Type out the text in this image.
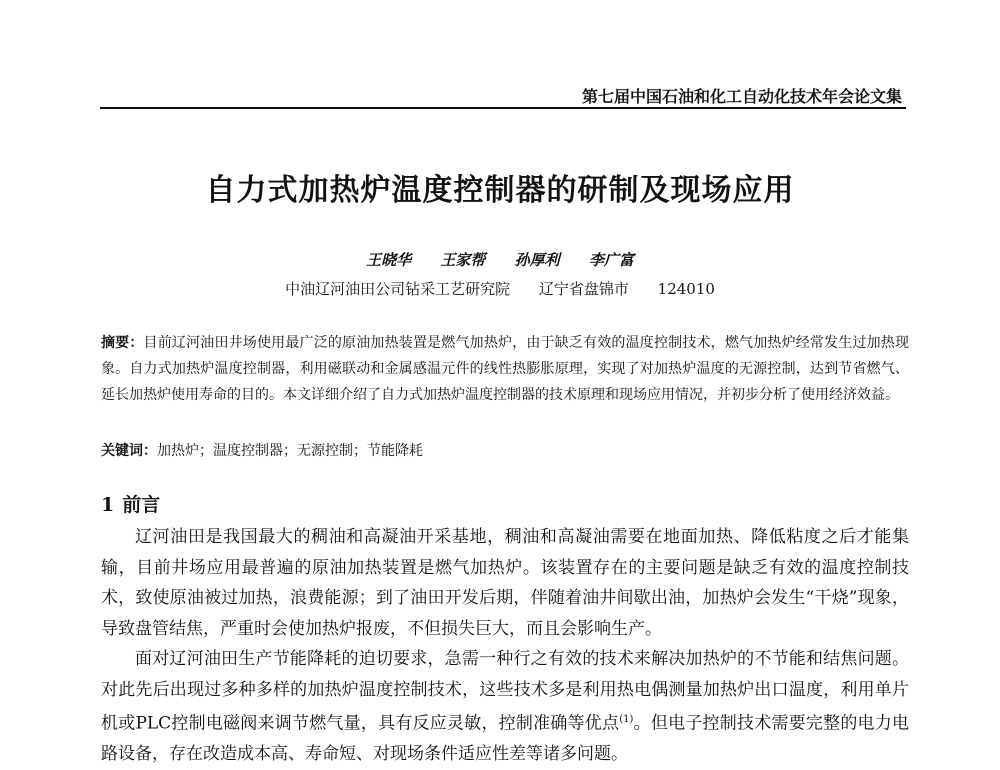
第七届中国石油和化工自动化技术年会论文集
自力式加热炉温度控制器的研制及现场应用
王晓华 王家帮 孙厚利 李广富
中油辽河油田公司钻采工艺研究院 辽宁省盘锦市 124010
摘要：目前辽河油田井场使用最广泛的原油加热装置是燃气加热炉，由于缺乏有效的温度控制技术，燃气加热炉经常发生过加热现象。自力式加热炉温度控制器，利用磁联动和金属感温元件的线性热膨胀原理，实现了对加热炉温度的无源控制，达到节省燃气、延长加热炉使用寿命的目的。本文详细介绍了自力式加热炉温度控制器的技术原理和现场应用情况，并初步分析了使用经济效益。
关键词：加热炉；温度控制器；无源控制；节能降耗
1 前言

辽河油田是我国最大的稠油和高凝油开采基地，稠油和高凝油需要在地面加热、降低粘度之后才能集输，目前井场应用最普遍的原油加热装置是燃气加热炉。该装置存在的主要问题是缺乏有效的温度控制技术，致使原油被过加热，浪费能源；到了油田开发后期，伴随着油井间歇出油，加热炉会发生“干烧”现象，导致盘管结焦，严重时会使加热炉报废，不但损失巨大，而且会影响生产。

面对辽河油田生产节能降耗的迫切要求，急需一种行之有效的技术来解决加热炉的不节能和结焦问题。对此先后出现过多种多样的加热炉温度控制技术，这些技术多是利用热电偶测量加热炉出口温度，利用单片机或PLC控制电磁阀来调节燃气量，具有反应灵敏，控制准确等优点$^{(1)}$。但电子控制技术需要完整的电力电路设备，存在改造成本高、寿命短、对现场条件适应性差等诸多问题。
